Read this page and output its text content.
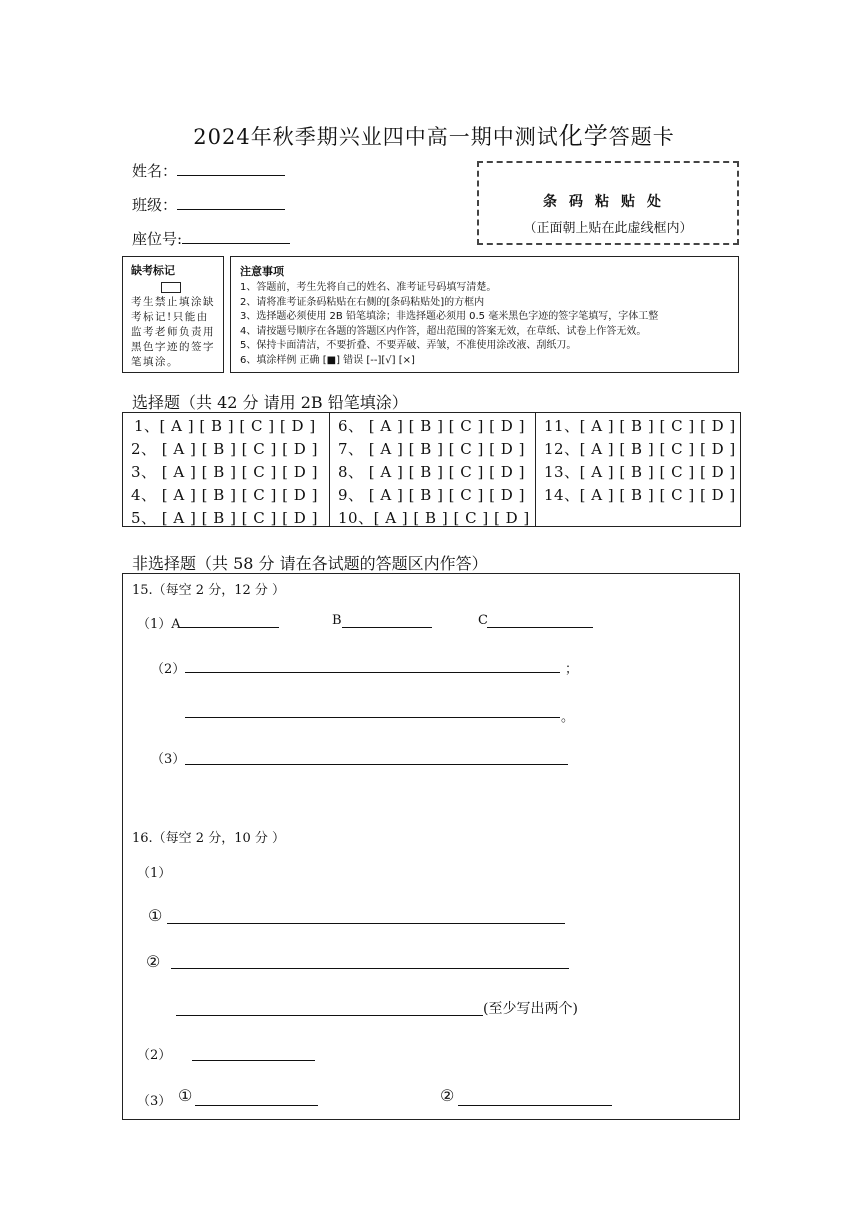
2024年秋季期兴业四中高一期中测试化学答题卡
姓名：
班级：
座位号:
条码粘贴处
（正面朝上贴在此虚线框内）
缺考标记
考生禁止填涂缺考标记!只能由监考老师负责用黑色字迹的签字笔填涂。
注意事项
1、答题前，考生先将自己的姓名、准考证号码填写清楚。
2、请将准考证条码粘贴在右侧的[条码粘贴处]的方框内
3、选择题必须使用 2B 铅笔填涂；非选择题必须用 0.5 毫米黑色字迹的签字笔填写，字体工整
4、请按题号顺序在各题的答题区内作答，超出范围的答案无效，在草纸、试卷上作答无效。
5、保持卡面清洁，不要折叠、不要弄破、弄皱，不准使用涂改液、刮纸刀。
6、填涂样例 正确 [■] 错误 [--][√] [×]
选择题（共 42 分 请用 2B 铅笔填涂）
1、[ A ] [ B ] [ C ] [ D ]
2、 [ A ] [ B ] [ C ] [ D ]
3、 [ A ] [ B ] [ C ] [ D ]
4、 [ A ] [ B ] [ C ] [ D ]
5、 [ A ] [ B ] [ C ] [ D ]
6、 [ A ] [ B ] [ C ] [ D ]
7、 [ A ] [ B ] [ C ] [ D ]
8、 [ A ] [ B ] [ C ] [ D ]
9、 [ A ] [ B ] [ C ] [ D ]
10、[ A ] [ B ] [ C ] [ D ]
11、[ A ] [ B ] [ C ] [ D ]
12、[ A ] [ B ] [ C ] [ D ]
13、[ A ] [ B ] [ C ] [ D ]
14、[ A ] [ B ] [ C ] [ D ]
非选择题（共 58 分 请在各试题的答题区内作答）
15.（每空 2 分，12 分 ）
（1）A	B	C
（2）	；
。
（3）
16.（每空 2 分，10 分 ）
（1）
①
②
(至少写出两个)
（2）
（3） ①	②
